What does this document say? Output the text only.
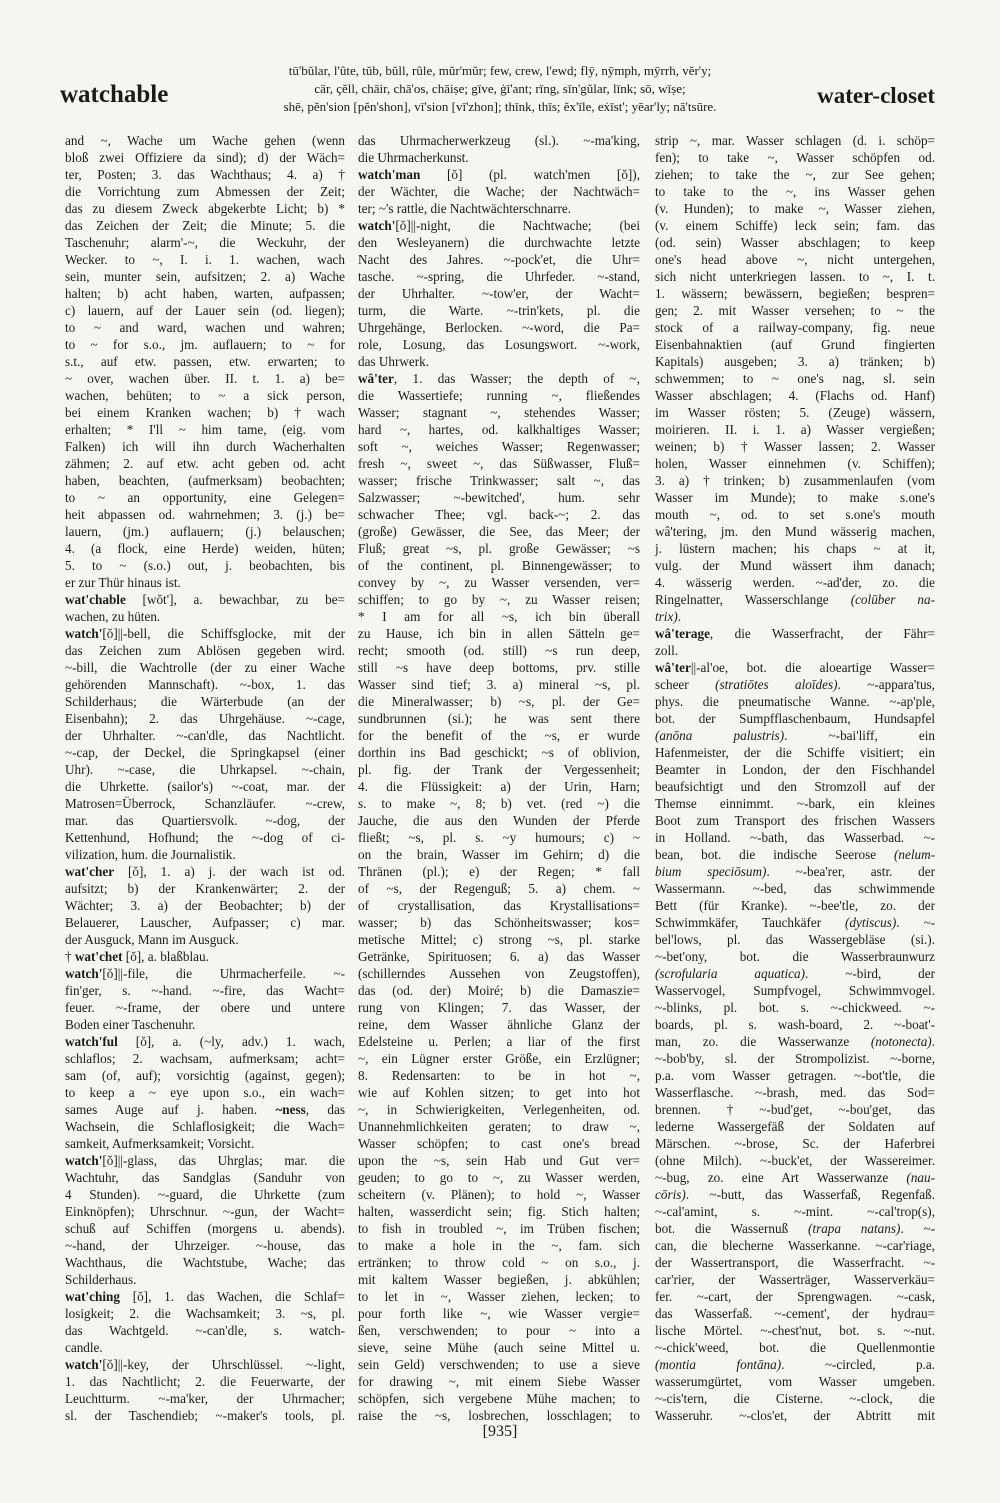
watchable
tū'bŭlar, l'ûte, tŭb, bŭll, rûle, mŭr'mŭr; few, crew, l'ewd; flȳ, nȳmph, mȳrrh, vĕr'y;
cär, çĕll, chāir, chā'os, chāiṣe; gīve, ġī'ant; rīng, sīn'gŭlar, līnk; sō, wīṣe;
shē, pĕn'sion [pĕn'shon], vī'sion [vī'zhon]; thīnk, thīs; ĕx'īle, eẋīst'; yēar'ly; nā'tsūre.	water-closet
and ~, Wache um Wache gehen (wenn
bloß zwei Offiziere da sind); d) der Wäch=
ter, Posten; 3. das Wachthaus; 4. a) †
die Vorrichtung zum Abmessen der Zeit;
das zu diesem Zweck abgekerbte Licht; b) *
das Zeichen der Zeit; die Minute; 5. die
Taschenuhr; alarm'-~, die Weckuhr, der
Wecker. to ~, I. i. 1. wachen, wach
sein, munter sein, aufsitzen; 2. a) Wache
halten; b) acht haben, warten, aufpassen;
c) lauern, auf der Lauer sein (od. liegen);
to ~ and ward, wachen und wahren;
to ~ for s.o., jm. auflauern; to ~ for
s.t., auf etw. passen, etw. erwarten; to
~ over, wachen über. II. t. 1. a) be=
wachen, behüten; to ~ a sick person,
bei einem Kranken wachen; b) † wach
erhalten; * I'll ~ him tame, (eig. vom
Falken) ich will ihn durch Wacherhalten
zähmen; 2. auf etw. acht geben od. acht
haben, beachten, (aufmerksam) beobachten;
to ~ an opportunity, eine Gelegen=
heit abpassen od. wahrnehmen; 3. (j.) be=
lauern, (jm.) auflauern; (j.) belauschen;
4. (a flock, eine Herde) weiden, hüten;
5. to ~ (s.o.) out, j. beobachten, bis
er zur Thür hinaus ist.
wat'chable [wŏt'], a. bewachbar, zu be=
wachen, zu hüten.
watch'[ŏ]||-bell, die Schiffsglocke, mit der
das Zeichen zum Ablösen gegeben wird.
~-bill, die Wachtrolle (der zu einer Wache
gehörenden Mannschaft). ~-box, 1. das
Schilderhaus; die Wärterbude (an der
Eisenbahn); 2. das Uhrgehäuse. ~-cage,
der Uhrhalter. ~-can'dle, das Nachtlicht.
~-cap, der Deckel, die Springkapsel (einer
Uhr). ~-case, die Uhrkapsel. ~-chain,
die Uhrkette. (sailor's) ~-coat, mar. der
Matrosen=Überrock, Schanzläufer. ~-crew,
mar. das Quartiersvolk. ~-dog, der
Kettenhund, Hofhund; the ~-dog of ci-
vilization, hum. die Journalistik.
wat'cher [ŏ], 1. a) j. der wach ist od.
aufsitzt; b) der Krankenwärter; 2. der
Wächter; 3. a) der Beobachter; b) der
Belauerer, Lauscher, Aufpasser; c) mar.
der Ausguck, Mann im Ausguck.
† wat'chet [ŏ], a. blaßblau.
watch'[ŏ]||-file, die Uhrmacherfeile. ~-
fin'ger, s. ~-hand. ~-fire, das Wacht=
feuer. ~-frame, der obere und untere
Boden einer Taschenuhr.
watch'ful [ŏ], a. (~ly, adv.) 1. wach,
schlaflos; 2. wachsam, aufmerksam; acht=
sam (of, auf); vorsichtig (against, gegen);
to keep a ~ eye upon s.o., ein wach=
sames Auge auf j. haben. ~ness, das
Wachsein, die Schlaflosigkeit; die Wach=
samkeit, Aufmerksamkeit; Vorsicht.
watch'[ŏ]||-glass, das Uhrglas; mar. die
Wachtuhr, das Sandglas (Sanduhr von
4 Stunden). ~-guard, die Uhrkette (zum
Einknöpfen); Uhrschnur. ~-gun, der Wacht=
schuß auf Schiffen (morgens u. abends).
~-hand, der Uhrzeiger. ~-house, das
Wachthaus, die Wachtstube, Wache; das
Schilderhaus.
wat'ching [ŏ], 1. das Wachen, die Schlaf=
losigkeit; 2. die Wachsamkeit; 3. ~s, pl.
das Wachtgeld. ~-can'dle, s. watch-
candle.
watch'[ŏ]||-key, der Uhrschlüssel. ~-light,
1. das Nachtlicht; 2. die Feuerwarte, der
Leuchtturm. ~-ma'ker, der Uhrmacher;
sl. der Taschendieb; ~-maker's tools, pl.
das Uhrmacherwerkzeug (sl.). ~-ma'king,
die Uhrmacherkunst.
watch'man [ŏ] (pl. watch'men [ŏ]),
der Wächter, die Wache; der Nachtwäch=
ter; ~'s rattle, die Nachtwächterschnarre.
watch'[ŏ]||-night, die Nachtwache; (bei
den Wesleyanern) die durchwachte letzte
Nacht des Jahres. ~-pock'et, die Uhr=
tasche. ~-spring, die Uhrfeder. ~-stand,
der Uhrhalter. ~-tow'er, der Wacht=
turm, die Warte. ~-trin'kets, pl. die
Uhrgehänge, Berlocken. ~-word, die Pa=
role, Losung, das Losungswort. ~-work,
das Uhrwerk.
wâ'ter, 1. das Wasser; the depth of ~,
die Wassertiefe; running ~, fließendes
Wasser; stagnant ~, stehendes Wasser;
hard ~, hartes, od. kalkhaltiges Wasser;
soft ~, weiches Wasser; Regenwasser;
fresh ~, sweet ~, das Süßwasser, Fluß=
wasser; frische Trinkwasser; salt ~, das
Salzwasser; ~-bewitched', hum. sehr
schwacher Thee; vgl. back-~; 2. das
(große) Gewässer, die See, das Meer; der
Fluß; great ~s, pl. große Gewässer; ~s
of the continent, pl. Binnengewässer; to
convey by ~, zu Wasser versenden, ver=
schiffen; to go by ~, zu Wasser reisen;
* I am for all ~s, ich bin überall
zu Hause, ich bin in allen Sätteln ge=
recht; smooth (od. still) ~s run deep,
still ~s have deep bottoms, prv. stille
Wasser sind tief; 3. a) mineral ~s, pl.
die Mineralwasser; b) ~s, pl. der Ge=
sundbrunnen (si.); he was sent there
for the benefit of the ~s, er wurde
dorthin ins Bad geschickt; ~s of oblivion,
pl. fig. der Trank der Vergessenheit;
4. die Flüssigkeit: a) der Urin, Harn;
s. to make ~, 8; b) vet. (red ~) die
Jauche, die aus den Wunden der Pferde
fließt; ~s, pl. s. ~y humours; c) ~
on the brain, Wasser im Gehirn; d) die
Thränen (pl.); e) der Regen; * fall
of ~s, der Regenguß; 5. a) chem. ~
of crystallisation, das Krystallisations=
wasser; b) das Schönheitswasser; kos=
metische Mittel; c) strong ~s, pl. starke
Getränke, Spirituosen; 6. a) das Wasser
(schillerndes Aussehen von Zeugstoffen),
das (od. der) Moiré; b) die Damaszie=
rung von Klingen; 7. das Wasser, der
reine, dem Wasser ähnliche Glanz der
Edelsteine u. Perlen; a liar of the first
~, ein Lügner erster Größe, ein Erzlügner;
8. Redensarten: to be in hot ~,
wie auf Kohlen sitzen; to get into hot
~, in Schwierigkeiten, Verlegenheiten, od.
Unannehmlichkeiten geraten; to draw ~,
Wasser schöpfen; to cast one's bread
upon the ~s, sein Hab und Gut ver=
geuden; to go to ~, zu Wasser werden,
scheitern (v. Plänen); to hold ~, Wasser
halten, wasserdicht sein; fig. Stich halten;
to fish in troubled ~, im Trüben fischen;
to make a hole in the ~, fam. sich
ertränken; to throw cold ~ on s.o., j.
mit kaltem Wasser begießen, j. abkühlen;
to let in ~, Wasser ziehen, lecken; to
pour forth like ~, wie Wasser vergie=
ßen, verschwenden; to pour ~ into a
sieve, seine Mühe (auch seine Mittel u.
sein Geld) verschwenden; to use a sieve
for drawing ~, mit einem Siebe Wasser
schöpfen, sich vergebene Mühe machen; to
raise the ~s, losbrechen, losschlagen; to
strip ~, mar. Wasser schlagen (d. i. schöp=
fen); to take ~, Wasser schöpfen od.
ziehen; to take the ~, zur See gehen;
to take to the ~, ins Wasser gehen
(v. Hunden); to make ~, Wasser ziehen,
(v. einem Schiffe) leck sein; fam. das
(od. sein) Wasser abschlagen; to keep
one's head above ~, nicht untergehen,
sich nicht unterkriegen lassen. to ~, I. t.
1. wässern; bewässern, begießen; bespren=
gen; 2. mit Wasser versehen; to ~ the
stock of a railway-company, fig. neue
Eisenbahnaktien (auf Grund fingierten
Kapitals) ausgeben; 3. a) tränken; b)
schwemmen; to ~ one's nag, sl. sein
Wasser abschlagen; 4. (Flachs od. Hanf)
im Wasser rösten; 5. (Zeuge) wässern,
moirieren. II. i. 1. a) Wasser vergießen;
weinen; b) † Wasser lassen; 2. Wasser
holen, Wasser einnehmen (v. Schiffen);
3. a) † trinken; b) zusammenlaufen (vom
Wasser im Munde); to make s.one's
mouth ~, od. to set s.one's mouth
wâ'tering, jm. den Mund wässerig machen,
j. lüstern machen; his chaps ~ at it,
vulg. der Mund wässert ihm danach;
4. wässerig werden. ~-ad'der, zo. die
Ringelnatter, Wasserschlange (colūber na-
trix).
wâ'terage, die Wasserfracht, der Fähr=
zoll.
wâ'ter||-al'oe, bot. die aloeartige Wasser=
scheer (stratiōtes aloīdes). ~-appara'tus,
phys. die pneumatische Wanne. ~-ap'ple,
bot. der Sumpfflaschenbaum, Hundsapfel
(anōna palustris). ~-bai'liff, ein
Hafenmeister, der die Schiffe visitiert; ein
Beamter in London, der den Fischhandel
beaufsichtigt und den Stromzoll auf der
Themse einnimmt. ~-bark, ein kleines
Boot zum Transport des frischen Wassers
in Holland. ~-bath, das Wasserbad. ~-
bean, bot. die indische Seerose (nelum-
bium speciōsum). ~-bea'rer, astr. der
Wassermann. ~-bed, das schwimmende
Bett (für Kranke). ~-bee'tle, zo. der
Schwimmkäfer, Tauchkäfer (dytiscus). ~-
bel'lows, pl. das Wassergebläse (si.).
~-bet'ony, bot. die Wasserbraunwurz
(scrofularia aquatica). ~-bird, der
Wasservogel, Sumpfvogel, Schwimmvogel.
~-blinks, pl. bot. s. ~-chickweed. ~-
boards, pl. s. wash-board, 2. ~-boat'-
man, zo. die Wasserwanze (notonecta).
~-bob'by, sl. der Strompolizist. ~-borne,
p.a. vom Wasser getragen. ~-bot'tle, die
Wasserflasche. ~-brash, med. das Sod=
brennen. † ~-bud'get, ~-bou'get, das
lederne Wassergefäß der Soldaten auf
Märschen. ~-brose, Sc. der Haferbrei
(ohne Milch). ~-buck'et, der Wassereimer.
~-bug, zo. eine Art Wasserwanze (nau-
cōris). ~-butt, das Wasserfaß, Regenfaß.
~-cal'amint, s. ~-mint. ~-cal'trop(s),
bot. die Wassernuß (trapa natans). ~-
can, die blecherne Wasserkanne. ~-car'riage,
der Wassertransport, die Wasserfracht. ~-
car'rier, der Wasserträger, Wasserverkäu=
fer. ~-cart, der Sprengwagen. ~-cask,
das Wasserfaß. ~-cement', der hydrau=
lische Mörtel. ~-chest'nut, bot. s. ~-nut.
~-chick'weed, bot. die Quellenmontie
(montia fontāna). ~-circled, p.a.
wasserumgürtet, vom Wasser umgeben.
~-cis'tern, die Cisterne. ~-clock, die
Wasseruhr. ~-clos'et, der Abtritt mit
[935]
